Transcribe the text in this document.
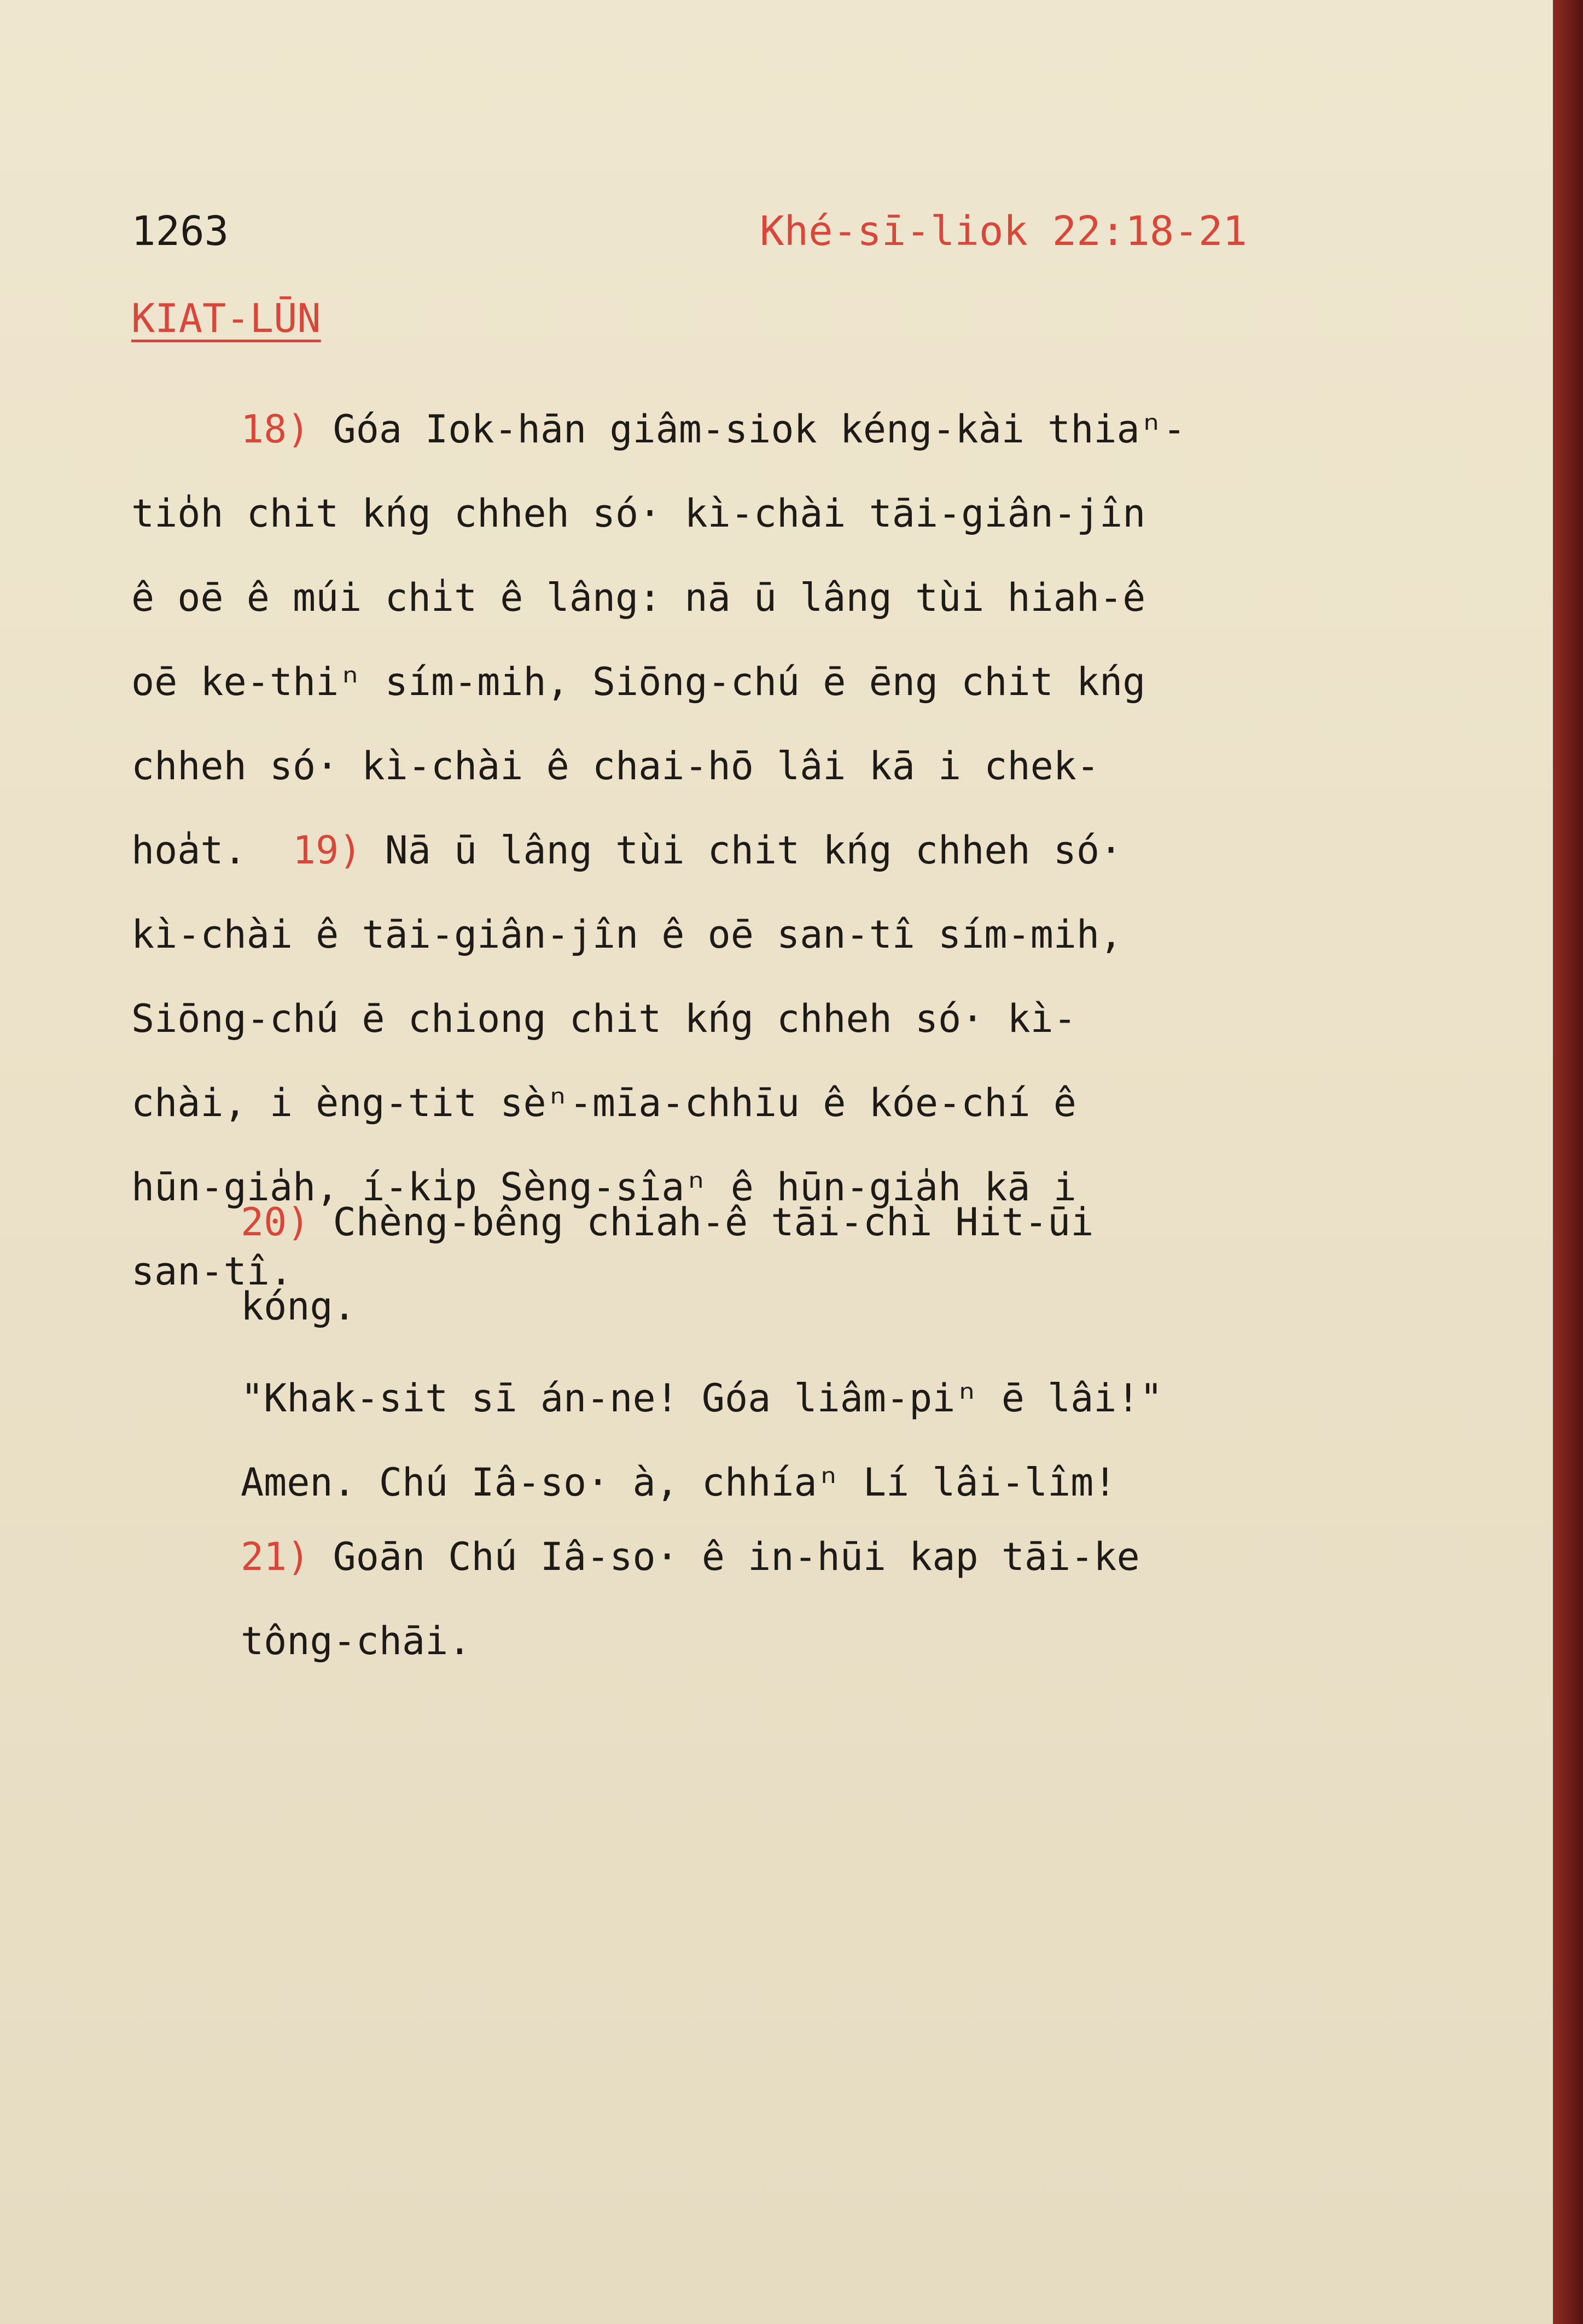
1263	Khé-sī-liok 22:18-21
KIAT-LŪN
18) Góa Iok-hān giâm-siok kéng-kài thiaⁿ-
tio̍h chit kńg chheh só· kì-chài tāi-giân-jîn
ê oē ê múi chi̍t ê lâng: nā ū lâng tùi hiah-ê
oē ke-thiⁿ sím-mih, Siōng-chú ē ēng chit kńg
chheh só· kì-chài ê chai-hō lâi kā i chek-
hoa̍t. 19) Nā ū lâng tùi chit kńg chheh só·
kì-chài ê tāi-giân-jîn ê oē san-tî sím-mih,
Siōng-chú ē chiong chit kńg chheh só· kì-
chài, i èng-tit sèⁿ-mīa-chhīu ê kóe-chí ê
hūn-gia̍h, í-ki̍p Sèng-sîaⁿ ê hūn-gia̍h kā i
san-tî.
20) Chèng-bêng chiah-ê tāi-chì Hit-ūi
kóng.
"Khak-sit sī án-ne! Góa liâm-piⁿ ē lâi!"
Amen. Chú Iâ-so· à, chhíaⁿ Lí lâi-lîm!
21) Goān Chú Iâ-so· ê in-hūi kap tāi-ke
tông-chāi.
